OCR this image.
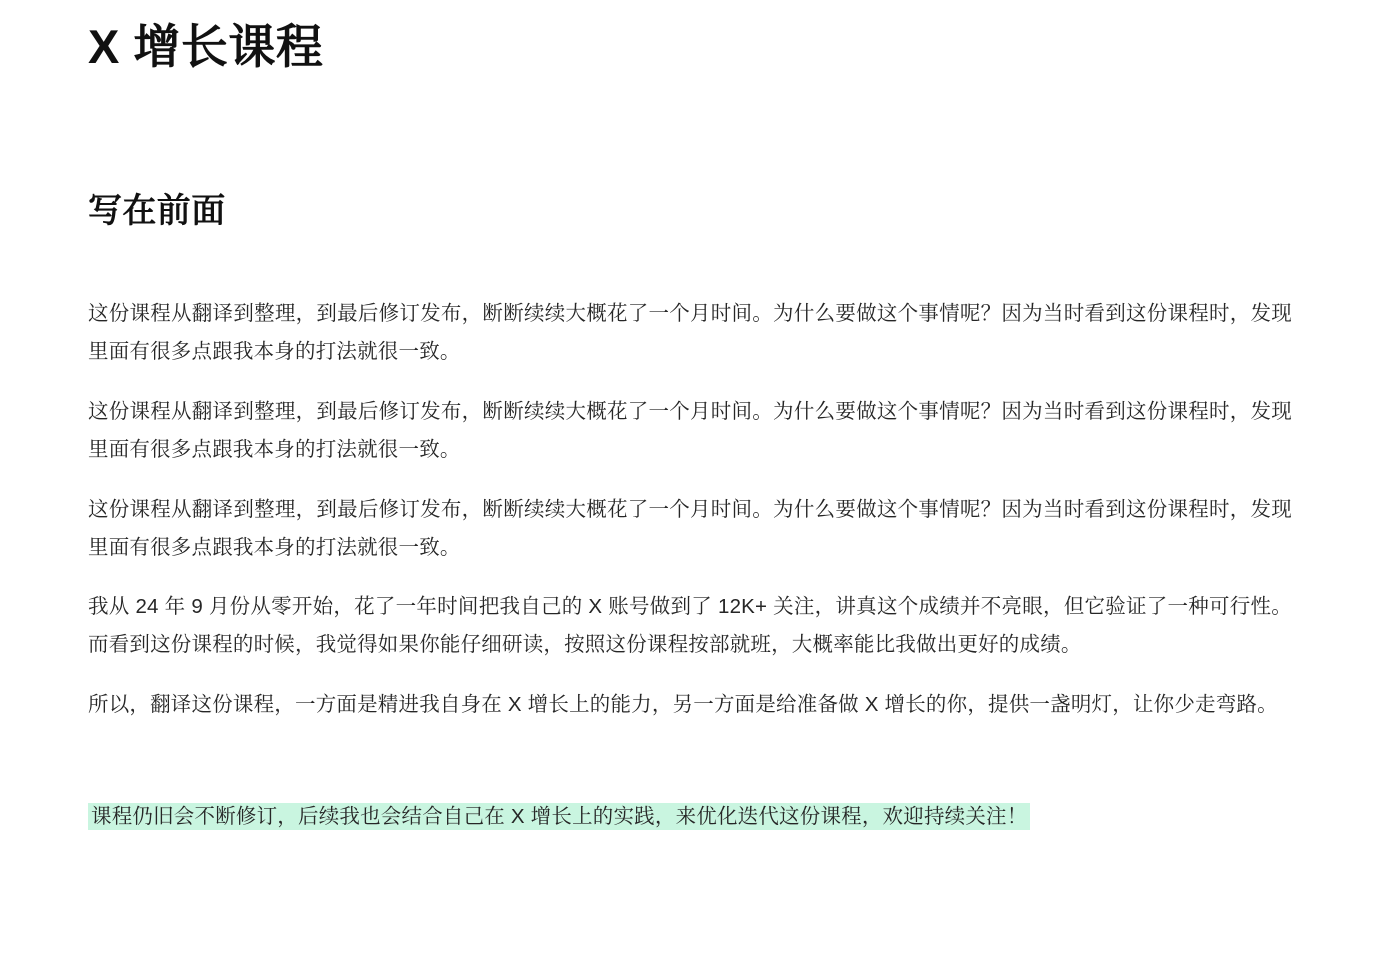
X 增长课程
写在前面

这份课程从翻译到整理，到最后修订发布，断断续续大概花了一个月时间。为什么要做这个事情呢？因为当时看到这份课程时，发现里面有很多点跟我本身的打法就很一致。

这份课程从翻译到整理，到最后修订发布，断断续续大概花了一个月时间。为什么要做这个事情呢？因为当时看到这份课程时，发现里面有很多点跟我本身的打法就很一致。

这份课程从翻译到整理，到最后修订发布，断断续续大概花了一个月时间。为什么要做这个事情呢？因为当时看到这份课程时，发现里面有很多点跟我本身的打法就很一致。

我从 24 年 9 月份从零开始，花了一年时间把我自己的 X 账号做到了 12K+ 关注，讲真这个成绩并不亮眼，但它验证了一种可行性。而看到这份课程的时候，我觉得如果你能仔细研读，按照这份课程按部就班，大概率能比我做出更好的成绩。

所以，翻译这份课程，一方面是精进我自身在 X 增长上的能力，另一方面是给准备做 X 增长的你，提供一盏明灯，让你少走弯路。

课程仍旧会不断修订，后续我也会结合自己在 X 增长上的实践，来优化迭代这份课程，欢迎持续关注！
